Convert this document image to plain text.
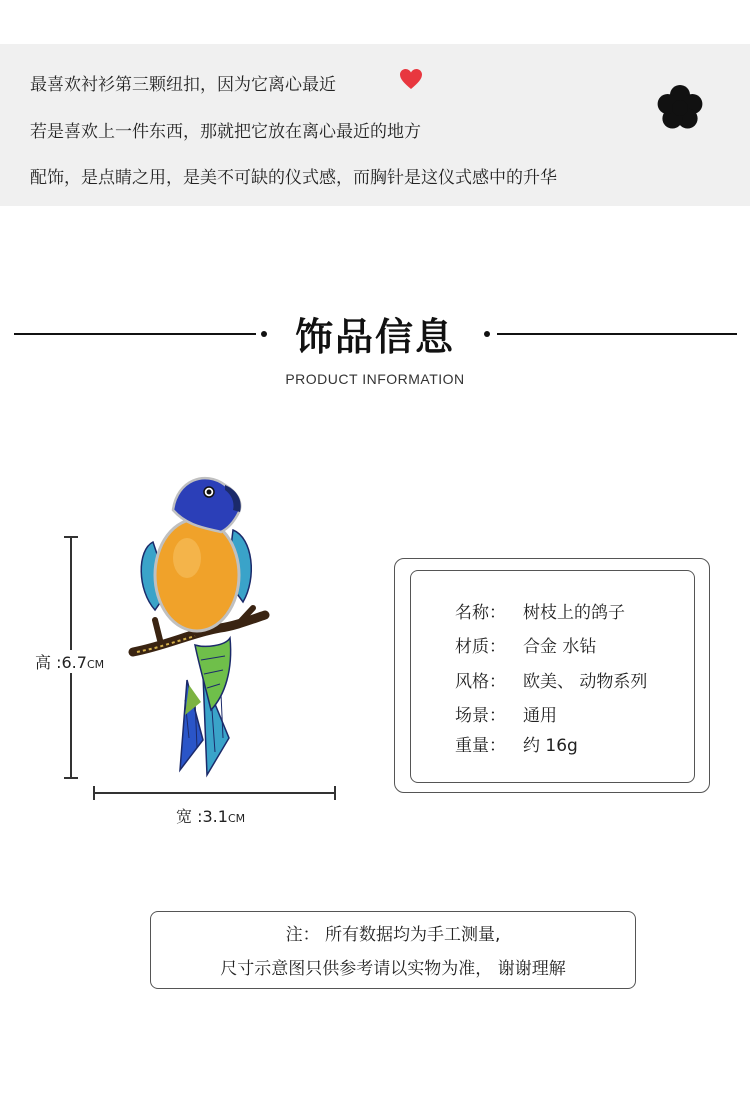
最喜欢衬衫第三颗纽扣，因为它离心最近
若是喜欢上一件东西，那就把它放在离心最近的地方
配饰，是点睛之用，是美不可缺的仪式感，而胸针是这仪式感中的升华
饰品信息
PRODUCT INFORMATION
高 :6.7CM
宽 :3.1CM
名称： 树枝上的鸽子
材质： 合金 水钻
风格： 欧美、 动物系列
场景： 通用
重量： 约 16g
注： 所有数据均为手工测量,
尺寸示意图只供参考请以实物为准， 谢谢理解
